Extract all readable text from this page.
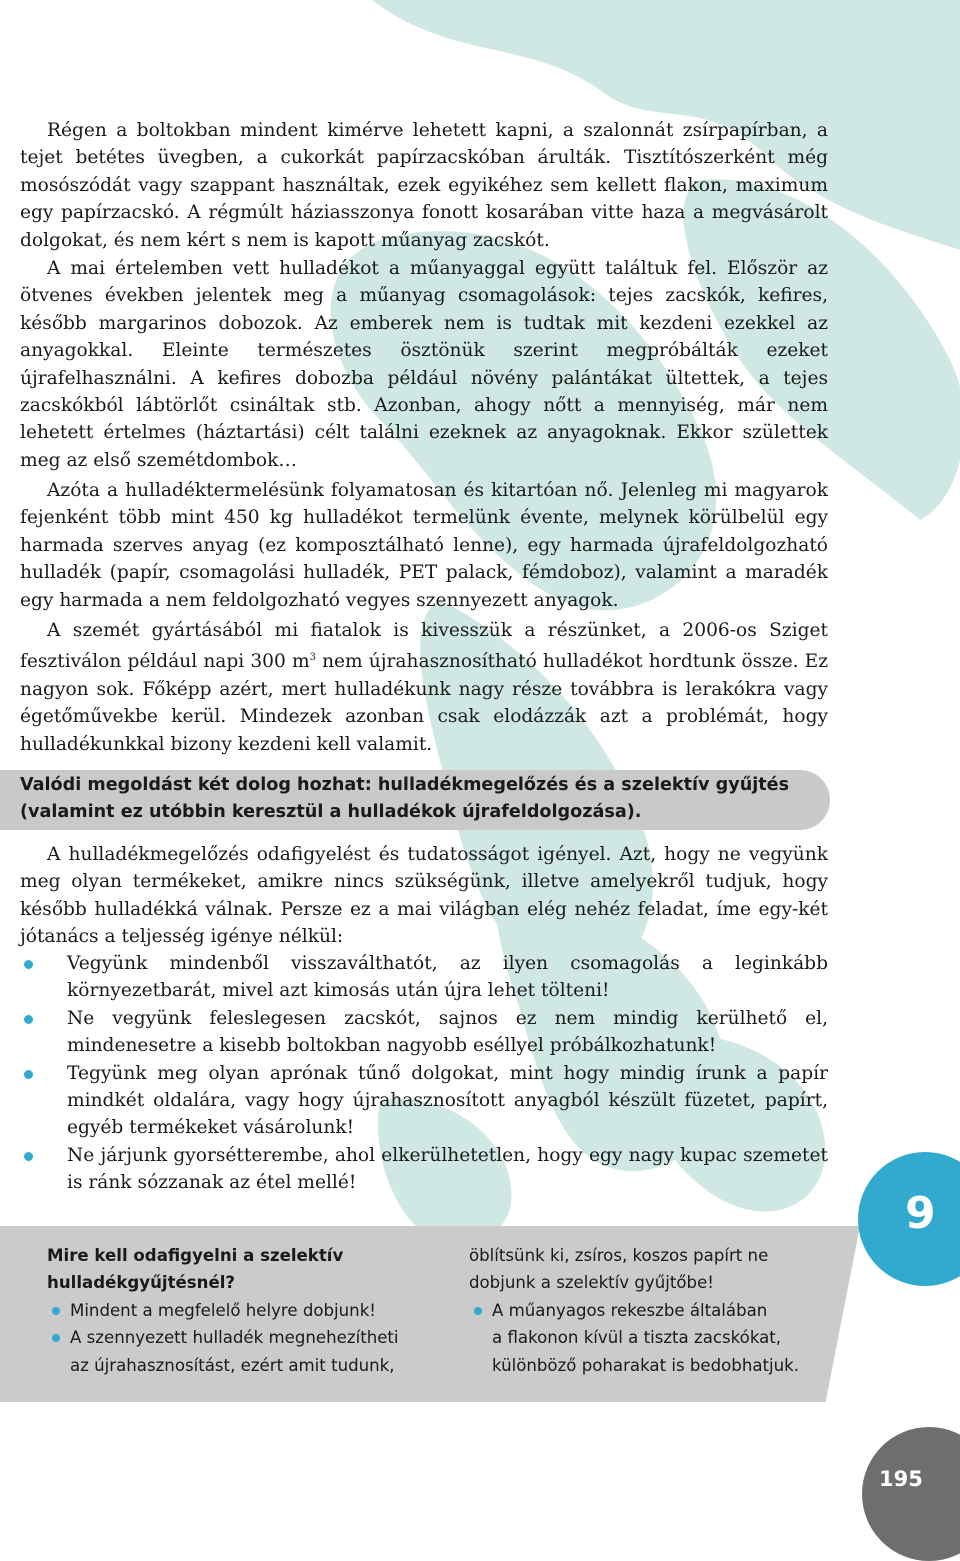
Régen a boltokban mindent kimérve lehetett kapni, a szalonnát zsírpapírban, a tejet betétes üvegben, a cukorkát papírzacskóban árulták. Tisztítószerként még mosószódát vagy szappant használtak, ezek egyikéhez sem kellett flakon, maximum egy papírzacskó. A régmúlt háziasszonya fonott kosarában vitte haza a megvásárolt dolgokat, és nem kért s nem is kapott műanyag zacskót.

A mai értelemben vett hulladékot a műanyaggal együtt találtuk fel. Először az ötvenes években jelentek meg a műanyag csomagolások: tejes zacskók, kefires, később margarinos dobozok. Az emberek nem is tudtak mit kezdeni ezekkel az anyagokkal. Eleinte természetes ösztönük szerint megpróbálták ezeket újrafelhasználni. A kefires dobozba például növény palántákat ültettek, a tejes zacskókból lábtörlőt csináltak stb. Azonban, ahogy nőtt a mennyiség, már nem lehetett értelmes (háztartási) célt találni ezeknek az anyagoknak. Ekkor születtek meg az első szemétdombok…

Azóta a hulladéktermelésünk folyamatosan és kitartóan nő. Jelenleg mi magyarok fejenként több mint 450 kg hulladékot termelünk évente, melynek körülbelül egy harmada szerves anyag (ez komposztálható lenne), egy harmada újrafeldolgozható hulladék (papír, csomagolási hulladék, PET palack, fémdoboz), valamint a maradék egy harmada a nem feldolgozható vegyes szennyezett anyagok.

A szemét gyártásából mi fiatalok is kivesszük a részünket, a 2006-os Sziget fesztiválon például napi 300 $m^3$ nem újrahasznosítható hulladékot hordtunk össze. Ez nagyon sok. Főképp azért, mert hulladékunk nagy része továbbra is lerakókra vagy égetőművekbe kerül. Mindezek azonban csak elodázzák azt a problémát, hogy hulladékunkkal bizony kezdeni kell valamit.

Valódi megoldást két dolog hozhat: hulladékmegelőzés és a szelektív gyűjtés (valamint ez utóbbin keresztül a hulladékok újrafeldolgozása).

A hulladékmegelőzés odafigyelést és tudatosságot igényel. Azt, hogy ne vegyünk meg olyan termékeket, amikre nincs szükségünk, illetve amelyekről tudjuk, hogy később hulladékká válnak. Persze ez a mai világban elég nehéz feladat, íme egy-két jótanács a teljesség igénye nélkül:

Vegyünk mindenből visszaválthatót, az ilyen csomagolás a leginkább környezetbarát, mivel azt kimosás után újra lehet tölteni!
Ne vegyünk feleslegesen zacskót, sajnos ez nem mindig kerülhető el, mindenesetre a kisebb boltokban nagyobb eséllyel próbálkozhatunk!
Tegyünk meg olyan aprónak tűnő dolgokat, mint hogy mindig írunk a papír mindkét oldalára, vagy hogy újrahasznosított anyagból készült füzetet, papírt, egyéb termékeket vásárolunk!
Ne járjunk gyorsétterembe, ahol elkerülhetetlen, hogy egy nagy kupac szemetet is ránk sózzanak az étel mellé!

Mire kell odafigyelni a szelektív

hulladékgyűjtésnél?

Mindent a megfelelő helyre dobjunk!

A szennyezett hulladék megnehezítheti

az újrahasznosítást, ezért amit tudunk,

öblítsünk ki, zsíros, koszos papírt ne

dobjunk a szelektív gyűjtőbe!

A műanyagos rekeszbe általában

a flakonon kívül a tiszta zacskókat,

különböző poharakat is bedobhatjuk.

9
195
